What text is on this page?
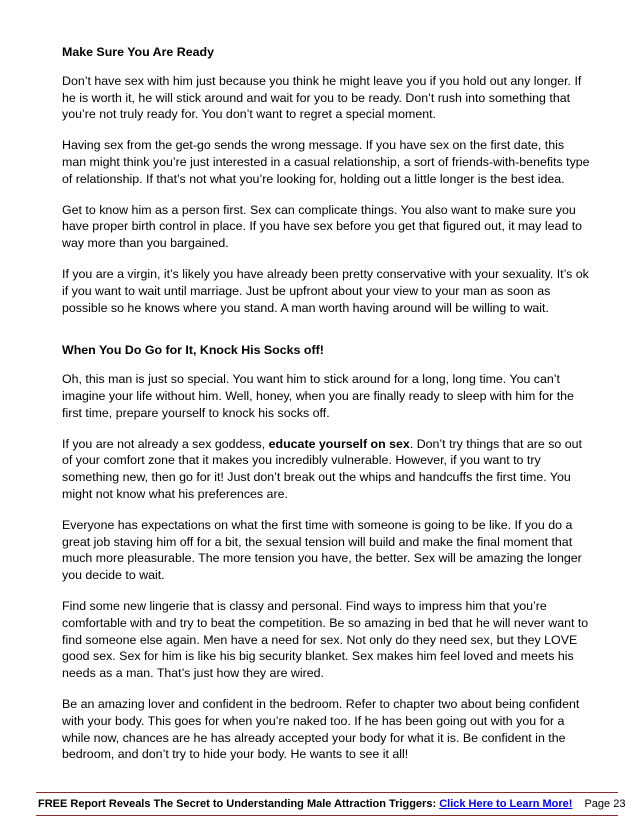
Make Sure You Are Ready

Don’t have sex with him just because you think he might leave you if you hold out any longer. If he is worth it, he will stick around and wait for you to be ready. Don’t rush into something that you’re not truly ready for. You don’t want to regret a special moment.

Having sex from the get-go sends the wrong message. If you have sex on the first date, this man might think you’re just interested in a casual relationship, a sort of friends-with-benefits type of relationship. If that’s not what you’re looking for, holding out a little longer is the best idea.

Get to know him as a person first. Sex can complicate things. You also want to make sure you have proper birth control in place. If you have sex before you get that figured out, it may lead to way more than you bargained.

If you are a virgin, it’s likely you have already been pretty conservative with your sexuality. It’s ok if you want to wait until marriage. Just be upfront about your view to your man as soon as possible so he knows where you stand. A man worth having around will be willing to wait.

When You Do Go for It, Knock His Socks off!

Oh, this man is just so special. You want him to stick around for a long, long time. You can’t imagine your life without him. Well, honey, when you are finally ready to sleep with him for the first time, prepare yourself to knock his socks off.

If you are not already a sex goddess, educate yourself on sex. Don’t try things that are so out of your comfort zone that it makes you incredibly vulnerable. However, if you want to try something new, then go for it! Just don’t break out the whips and handcuffs the first time. You might not know what his preferences are.

Everyone has expectations on what the first time with someone is going to be like. If you do a great job staving him off for a bit, the sexual tension will build and make the final moment that much more pleasurable. The more tension you have, the better. Sex will be amazing the longer you decide to wait.

Find some new lingerie that is classy and personal. Find ways to impress him that you’re comfortable with and try to beat the competition. Be so amazing in bed that he will never want to find someone else again. Men have a need for sex. Not only do they need sex, but they LOVE good sex. Sex for him is like his big security blanket. Sex makes him feel loved and meets his needs as a man. That’s just how they are wired.

Be an amazing lover and confident in the bedroom. Refer to chapter two about being confident with your body. This goes for when you’re naked too. If he has been going out with you for a while now, chances are he has already accepted your body for what it is. Be confident in the bedroom, and don’t try to hide your body. He wants to see it all!

FREE Report Reveals The Secret to Understanding Male Attraction Triggers: Click Here to Learn More! Page 23
